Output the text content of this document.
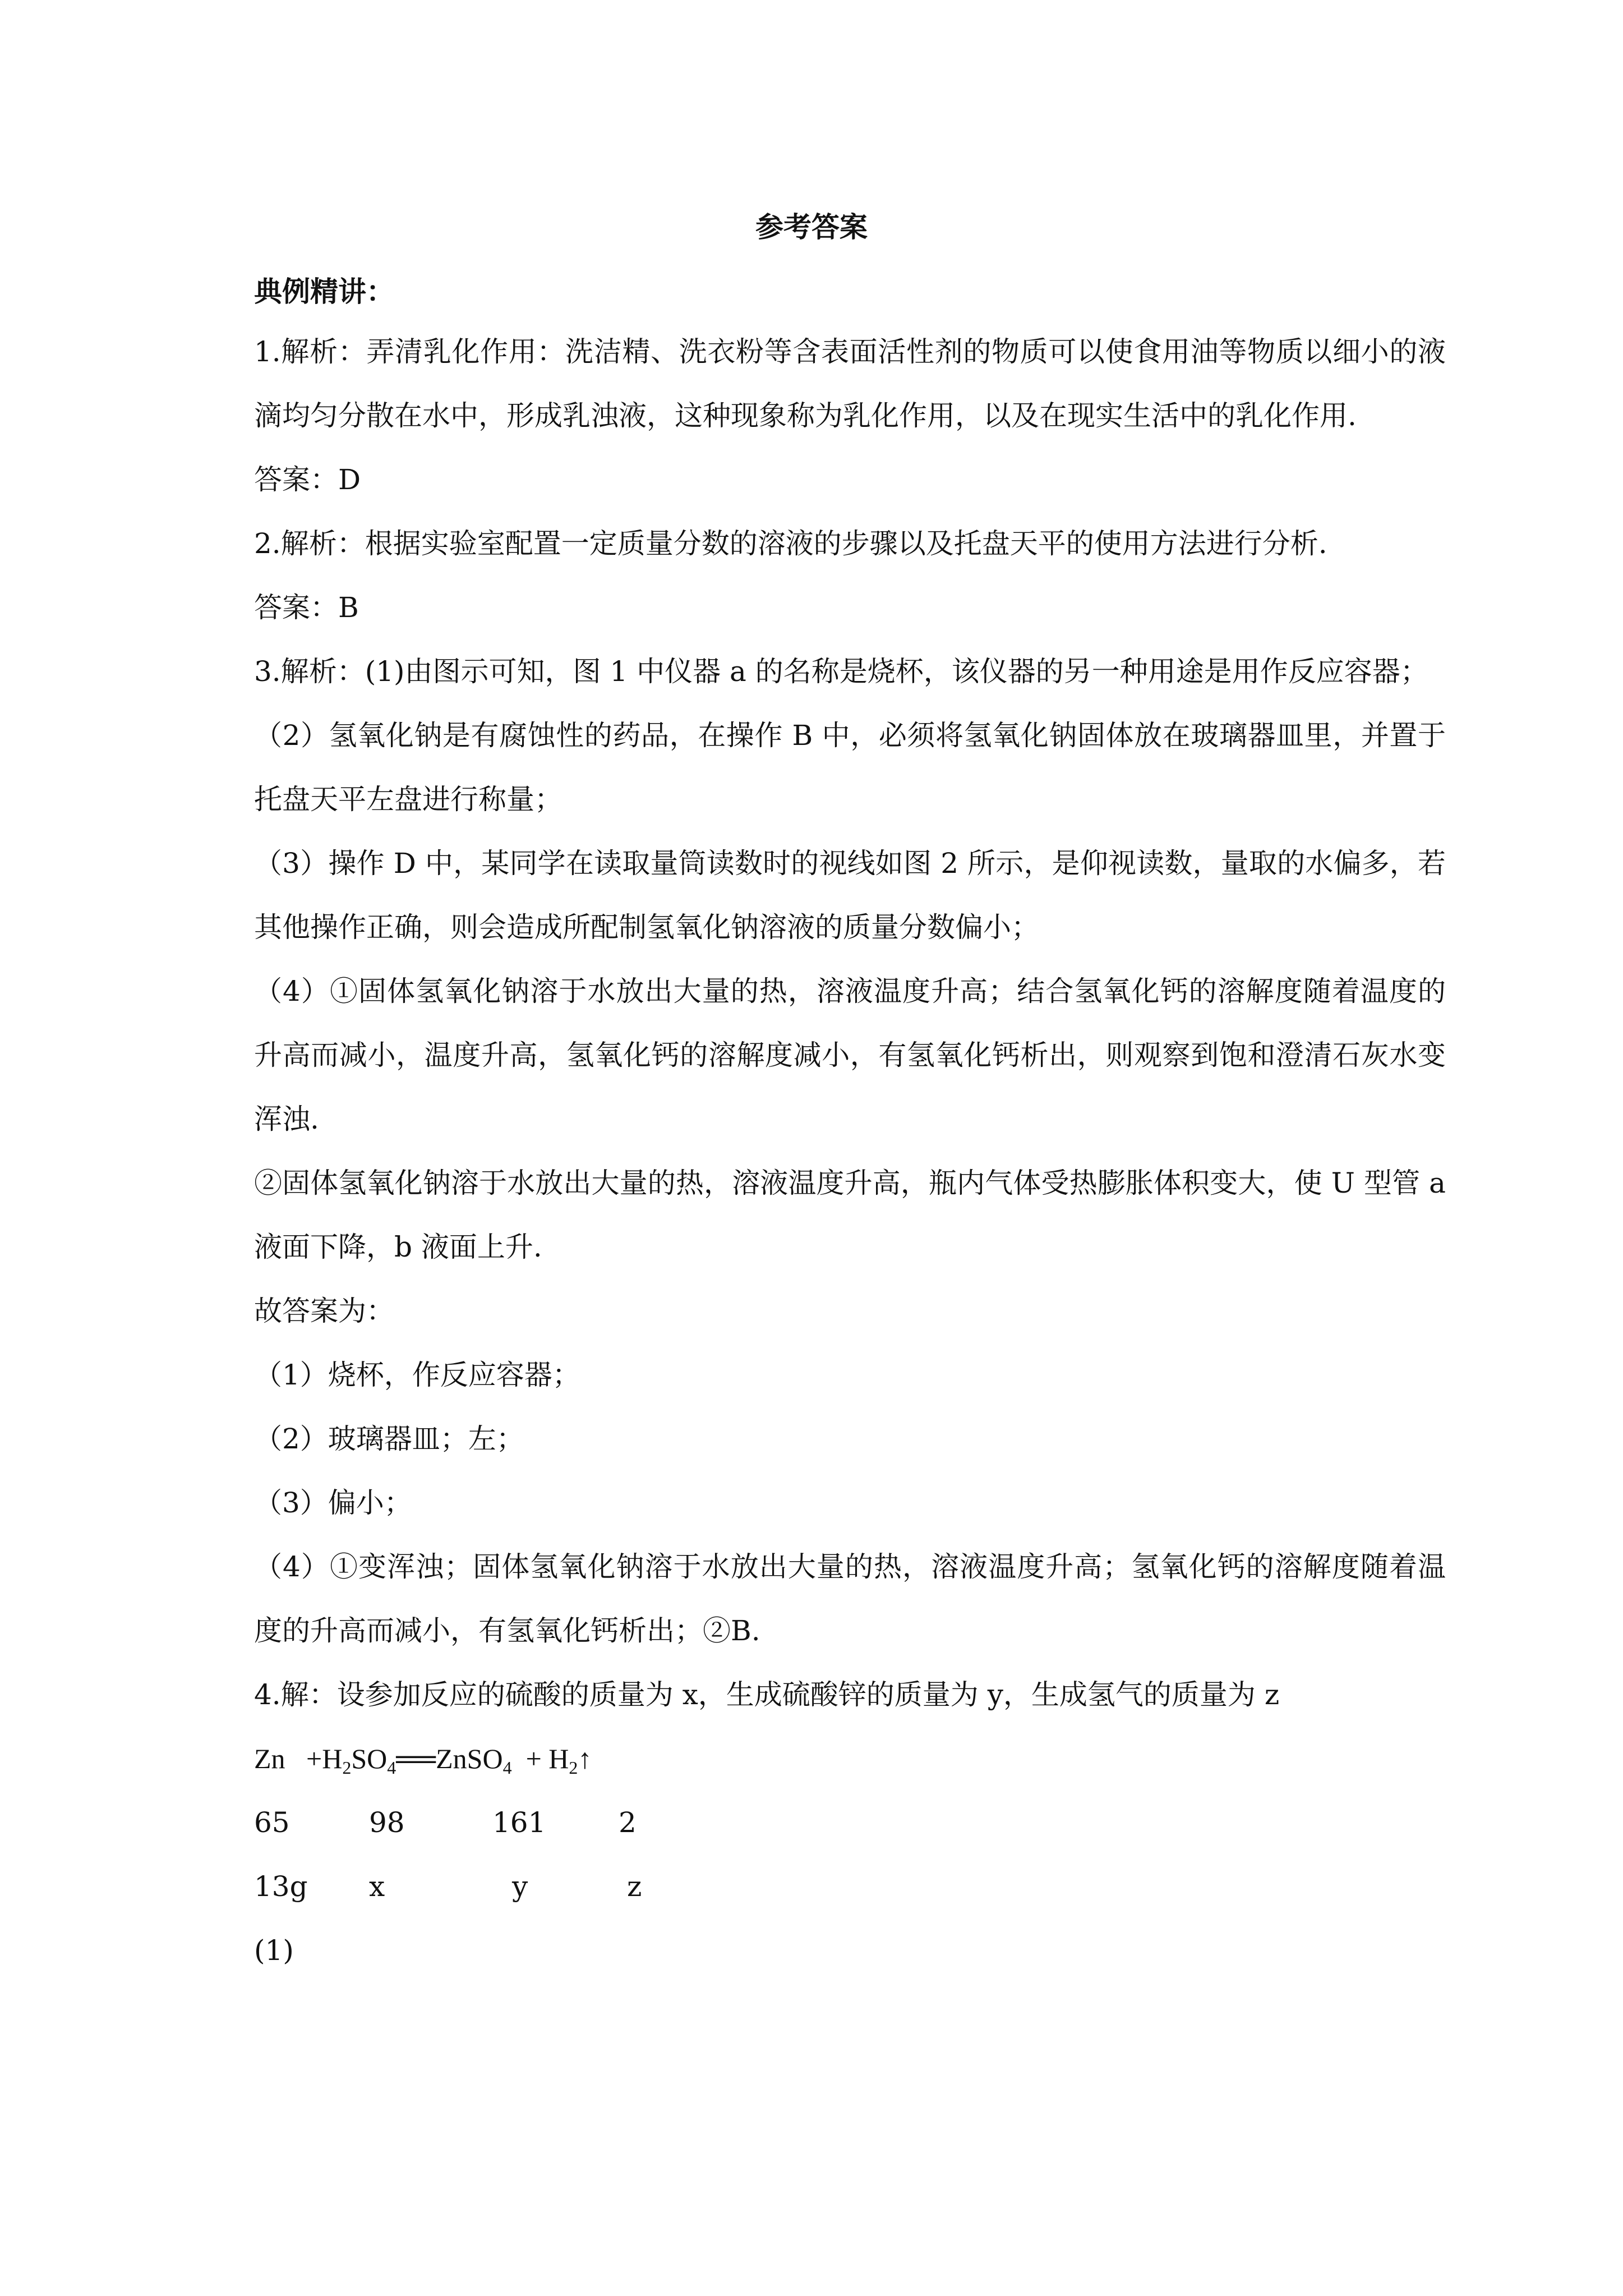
参考答案
典例精讲：

1.解析：弄清乳化作用：洗洁精、洗衣粉等含表面活性剂的物质可以使食用油等物质以细小的液滴均匀分散在水中，形成乳浊液，这种现象称为乳化作用，以及在现实生活中的乳化作用.

答案：D

2.解析：根据实验室配置一定质量分数的溶液的步骤以及托盘天平的使用方法进行分析.

答案：B

3.解析：(1)由图示可知，图 1 中仪器 a 的名称是烧杯，该仪器的另一种用途是用作反应容器；

（2）氢氧化钠是有腐蚀性的药品，在操作 B 中，必须将氢氧化钠固体放在玻璃器皿里，并置于托盘天平左盘进行称量；

（3）操作 D 中，某同学在读取量筒读数时的视线如图 2 所示，是仰视读数，量取的水偏多，若其他操作正确，则会造成所配制氢氧化钠溶液的质量分数偏小；

（4）①固体氢氧化钠溶于水放出大量的热，溶液温度升高；结合氢氧化钙的溶解度随着温度的升高而减小，温度升高，氢氧化钙的溶解度减小，有氢氧化钙析出，则观察到饱和澄清石灰水变浑浊.

②固体氢氧化钠溶于水放出大量的热，溶液温度升高，瓶内气体受热膨胀体积变大，使 U 型管 a 液面下降，b 液面上升.

故答案为：

（1）烧杯，作反应容器；

（2）玻璃器皿；左；

（3）偏小；

（4）①变浑浊；固体氢氧化钠溶于水放出大量的热，溶液温度升高；氢氧化钙的溶解度随着温度的升高而减小，有氢氧化钙析出；②B.

4.解：设参加反应的硫酸的质量为 x，生成硫酸锌的质量为 y，生成氢气的质量为 z

$Zn +H_2SO_4══ZnSO_4$ + $H_2↑$

65	98	161	2

13g x	y	z

(1)
